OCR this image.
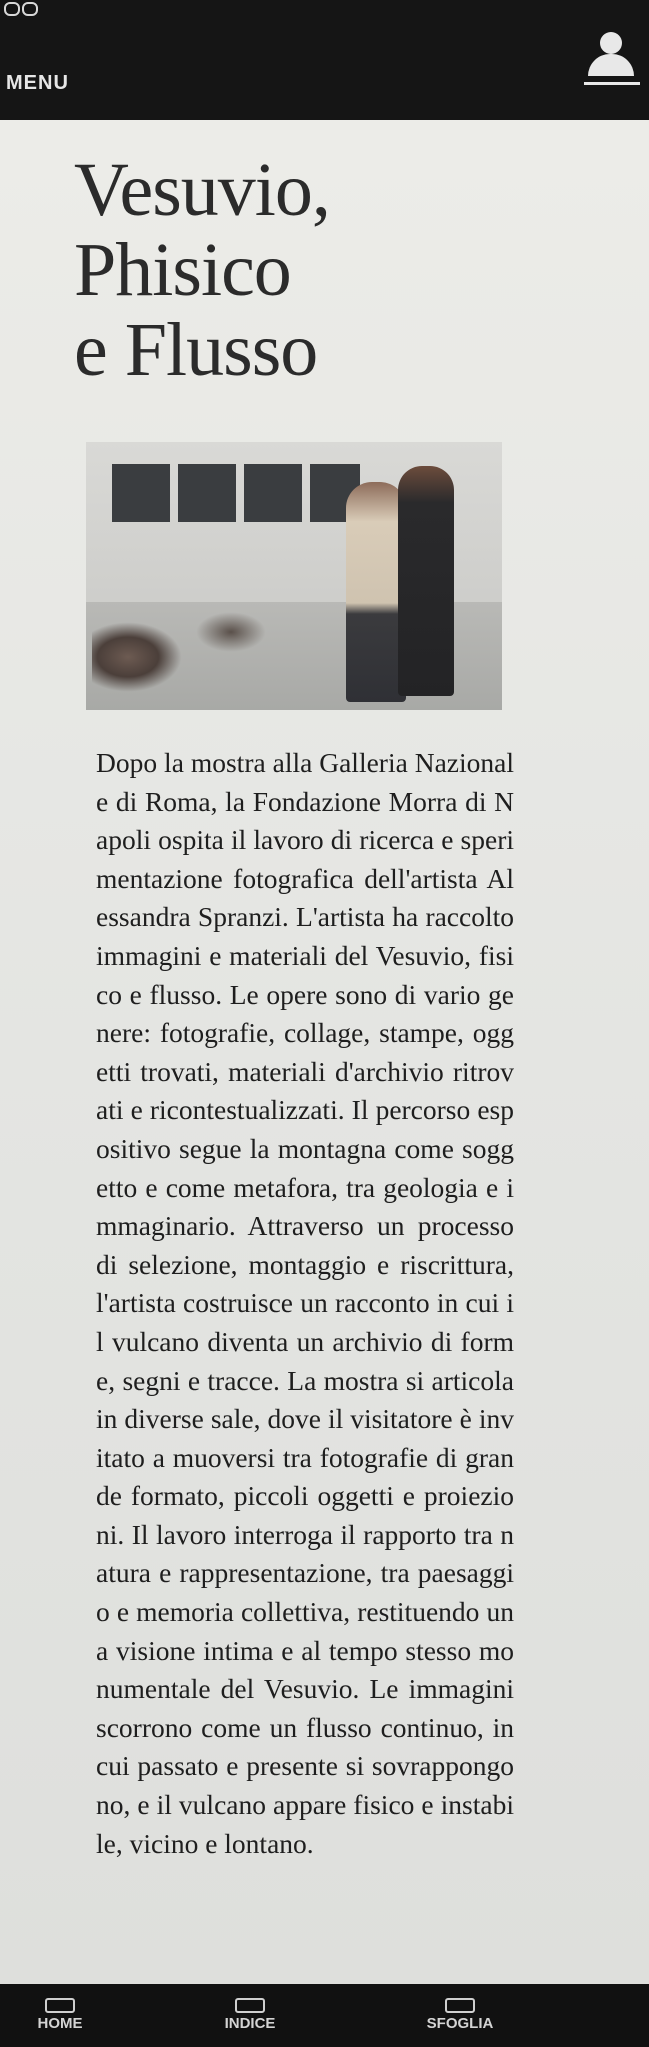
MENU
Vesuvio,
Phisico
e Flusso

Dopo la mostra alla Galleria Nazionale di Roma, la Fondazione Morra di Napoli ospita il lavoro di ricerca e sperimentazione fotografica dell'artista Alessandra Spranzi. L'artista ha raccolto immagini e materiali del Vesuvio, fisico e flusso. Le opere sono di vario genere: fotografie, collage, stampe, oggetti trovati, materiali d'archivio ritrovati e ricontestualizzati. Il percorso espositivo segue la montagna come soggetto e come metafora, tra geologia e immaginario. Attraverso un processo di selezione, montaggio e riscrittura, l'artista costruisce un racconto in cui il vulcano diventa un archivio di forme, segni e tracce. La mostra si articola in diverse sale, dove il visitatore è invitato a muoversi tra fotografie di grande formato, piccoli oggetti e proiezioni. Il lavoro interroga il rapporto tra natura e rappresentazione, tra paesaggio e memoria collettiva, restituendo una visione intima e al tempo stesso monumentale del Vesuvio. Le immagini scorrono come un flusso continuo, in cui passato e presente si sovrappongono, e il vulcano appare fisico e instabile, vicino e lontano.

HOME	INDICE	SFOGLIA
